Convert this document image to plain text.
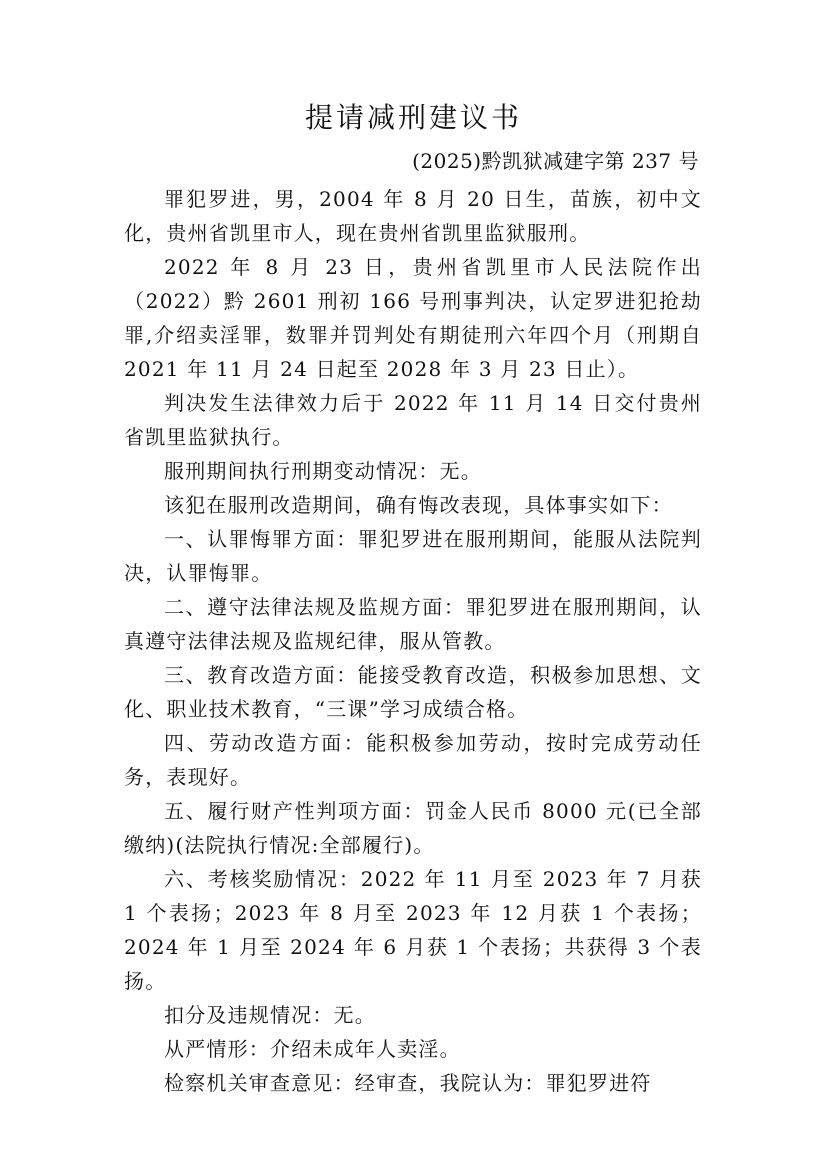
提请减刑建议书
(2025)黔凯狱减建字第 237 号

罪犯罗进，男，2004 年 8 月 20 日生，苗族，初中文化，贵州省凯里市人，现在贵州省凯里监狱服刑。

2022 年 8 月 23 日，贵州省凯里市人民法院作出（2022）黔 2601 刑初 166 号刑事判决，认定罗进犯抢劫罪,介绍卖淫罪，数罪并罚判处有期徒刑六年四个月（刑期自 2021 年 11 月 24 日起至 2028 年 3 月 23 日止）。

判决发生法律效力后于 2022 年 11 月 14 日交付贵州省凯里监狱执行。

服刑期间执行刑期变动情况：无。

该犯在服刑改造期间，确有悔改表现，具体事实如下：

一、认罪悔罪方面：罪犯罗进在服刑期间，能服从法院判决，认罪悔罪。

二、遵守法律法规及监规方面：罪犯罗进在服刑期间，认真遵守法律法规及监规纪律，服从管教。

三、教育改造方面：能接受教育改造，积极参加思想、文化、职业技术教育，“三课”学习成绩合格。

四、劳动改造方面：能积极参加劳动，按时完成劳动任务，表现好。

五、履行财产性判项方面：罚金人民币 8000 元(已全部缴纳)(法院执行情况:全部履行)。

六、考核奖励情况：2022 年 11 月至 2023 年 7 月获 1 个表扬；2023 年 8 月至 2023 年 12 月获 1 个表扬；2024 年 1 月至 2024 年 6 月获 1 个表扬；共获得 3 个表扬。

扣分及违规情况：无。

从严情形：介绍未成年人卖淫。

检察机关审查意见：经审查，我院认为：罪犯罗进符
